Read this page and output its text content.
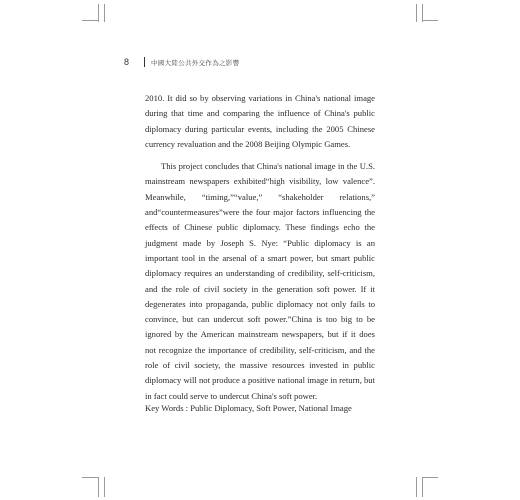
8	中國大陸公共外交作為之影響

2010. It did so by observing variations in China's national image during that time and comparing the influence of China's public diplomacy during particular events, including the 2005 Chinese currency revaluation and the 2008 Beijing Olympic Games.

This project concludes that China's national image in the U.S. mainstream newspapers exhibited“high visibility, low valence”. Meanwhile, “timing,”“value,” “shakeholder relations,” and“countermeasures”were the four major factors influencing the effects of Chinese public diplomacy. These findings echo the judgment made by Joseph S. Nye: “Public diplomacy is an important tool in the arsenal of a smart power, but smart public diplomacy requires an understanding of credibility, self-criticism, and the role of civil society in the generation soft power. If it degenerates into propaganda, public diplomacy not only fails to convince, but can undercut soft power.”China is too big to be ignored by the American mainstream newspapers, but if it does not recognize the importance of credibility, self-criticism, and the role of civil society, the massive resources invested in public diplomacy will not produce a positive national image in return, but in fact could serve to undercut China's soft power.

Key Words : Public Diplomacy, Soft Power, National Image
